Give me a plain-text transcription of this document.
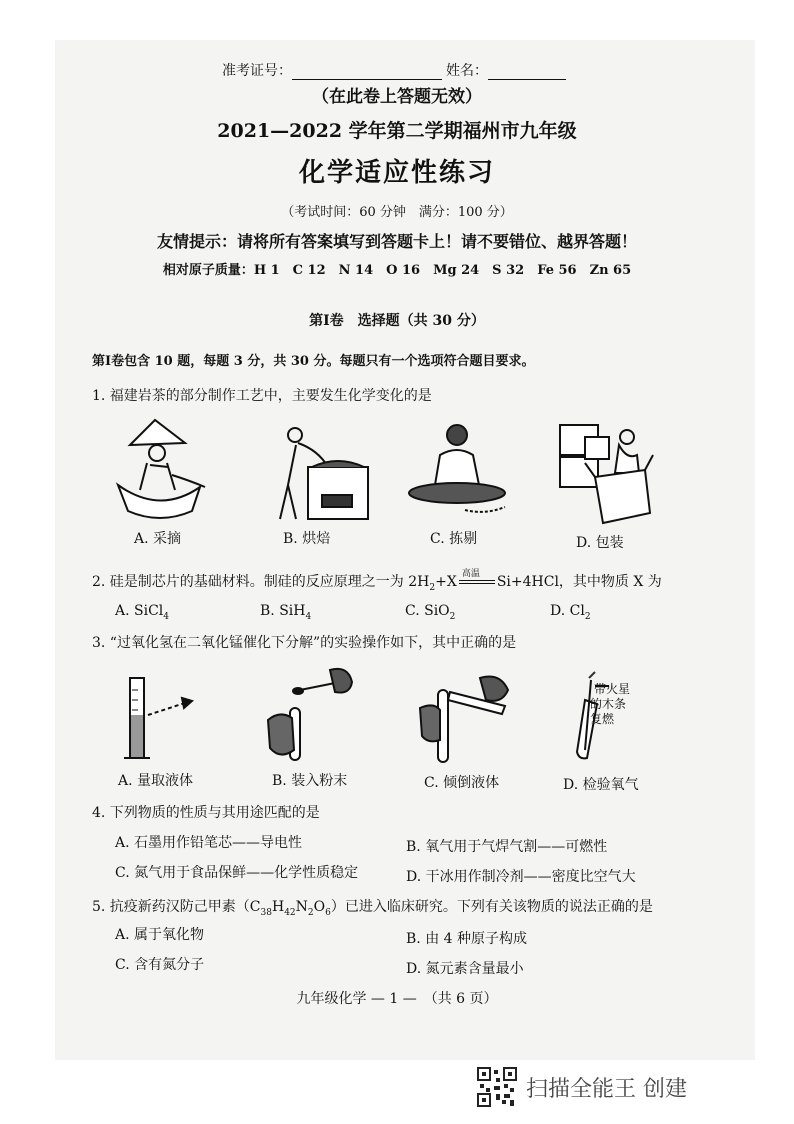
准考证号：	姓名：
（在此卷上答题无效）
2021—2022 学年第二学期福州市九年级
化学适应性练习
（考试时间：60 分钟　满分：100 分）
友情提示：请将所有答案填写到答题卡上！请不要错位、越界答题！
相对原子质量：H 1　C 12　N 14　O 16　Mg 24　S 32　Fe 56　Zn 65
第Ⅰ卷　选择题（共 30 分）
第Ⅰ卷包含 10 题，每题 3 分，共 30 分。每题只有一个选项符合题目要求。
1. 福建岩茶的部分制作工艺中，主要发生化学变化的是
A. 采摘	B. 烘焙	C. 拣剔	D. 包装
2. 硅是制芯片的基础材料。制硅的反应原理之一为 $2H_2+X$ 高温 Si+4HCl，其中物质 X 为
A. SiCl$_4$	B. SiH$_4$	C. SiO$_2$	D. $Cl_2$
3. “过氧化氢在二氧化锰催化下分解”的实验操作如下，其中正确的是
带火星
的木条
复燃
A. 量取液体	B. 装入粉末	C. 倾倒液体	D. 检验氧气
4. 下列物质的性质与其用途匹配的是
A. 石墨用作铅笔芯——导电性	B. 氧气用于气焊气割——可燃性
C. 氮气用于食品保鲜——化学性质稳定	D. 干冰用作制冷剂——密度比空气大
5. 抗疫新药汉防己甲素$(C_{38}H_{42}N_2O_6)$已进入临床研究。下列有关该物质的说法正确的是
A. 属于氧化物	B. 由 4 种原子构成
C. 含有氮分子	D. 氮元素含量最小
九年级化学 — 1 —　（共 6 页）
扫描全能王 创建
